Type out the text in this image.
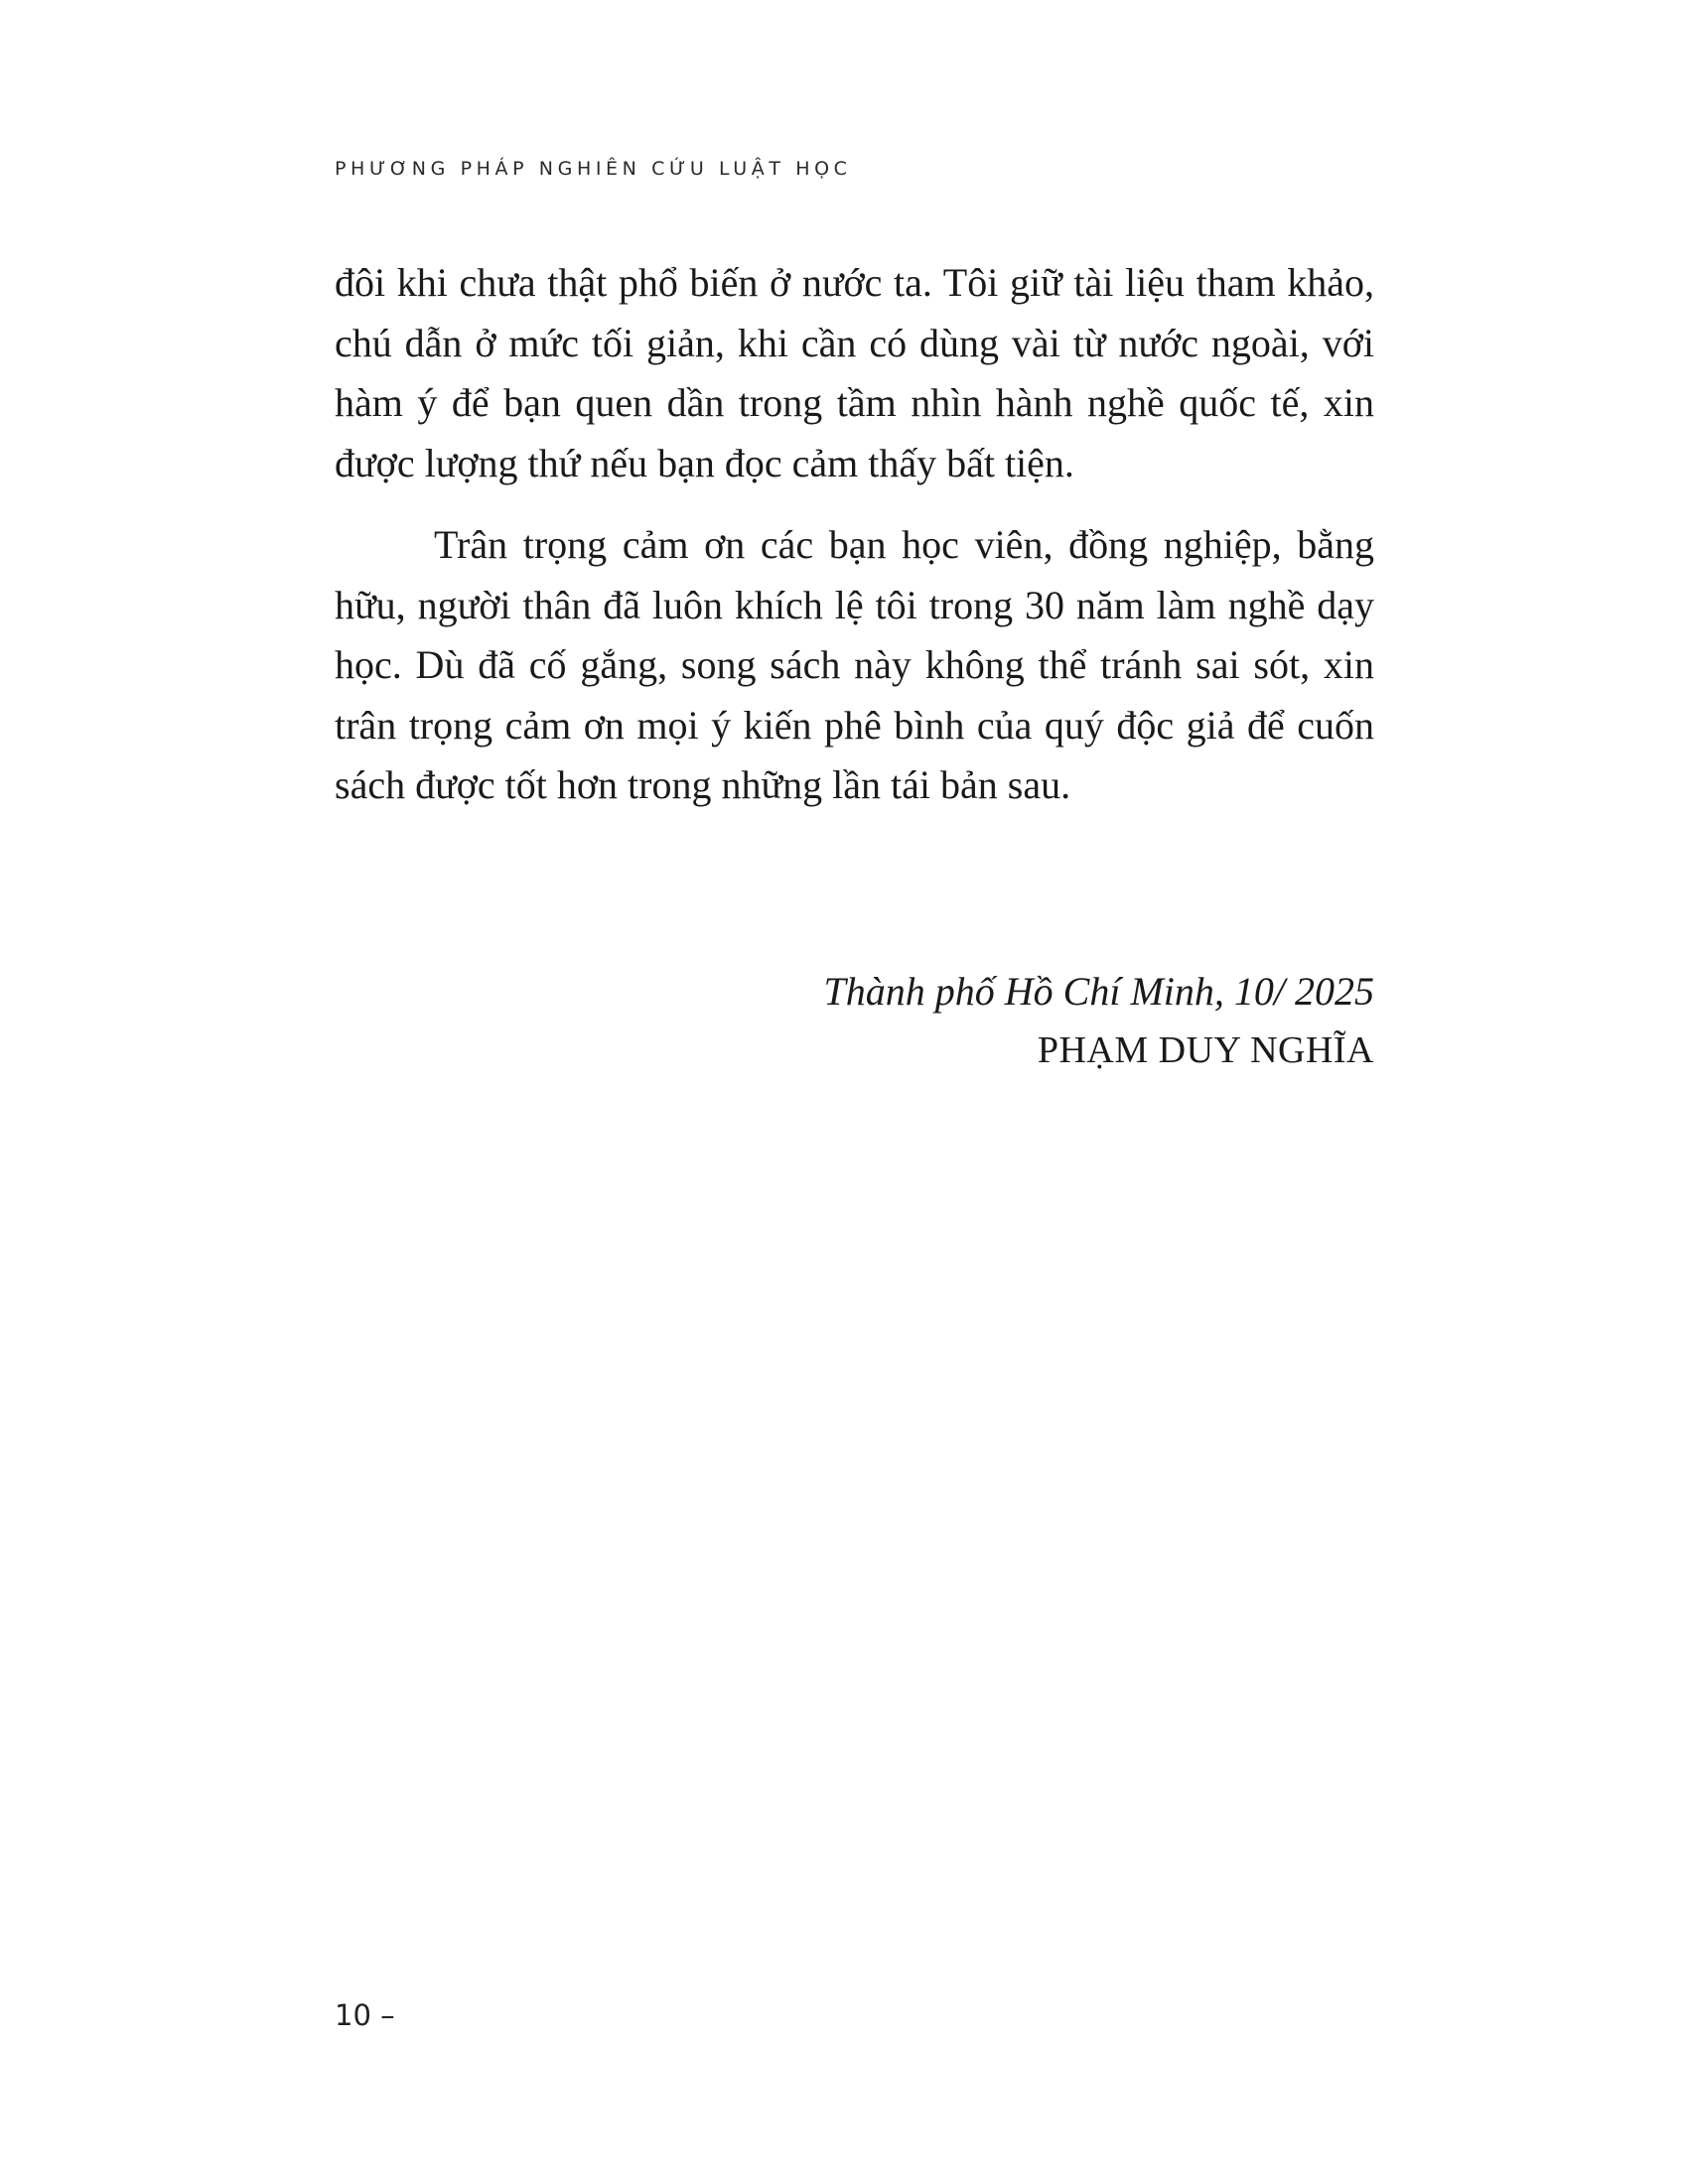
PHƯƠNG PHÁP NGHIÊN CỨU LUẬT HỌC

đôi khi chưa thật phổ biến ở nước ta. Tôi giữ tài liệu tham khảo, chú dẫn ở mức tối giản, khi cần có dùng vài từ nước ngoài, với hàm ý để bạn quen dần trong tầm nhìn hành nghề quốc tế, xin được lượng thứ nếu bạn đọc cảm thấy bất tiện.

Trân trọng cảm ơn các bạn học viên, đồng nghiệp, bằng hữu, người thân đã luôn khích lệ tôi trong 30 năm làm nghề dạy học. Dù đã cố gắng, song sách này không thể tránh sai sót, xin trân trọng cảm ơn mọi ý kiến phê bình của quý độc giả để cuốn sách được tốt hơn trong những lần tái bản sau.

Thành phố Hồ Chí Minh, 10/ 2025
PHẠM DUY NGHĨA
10 –
